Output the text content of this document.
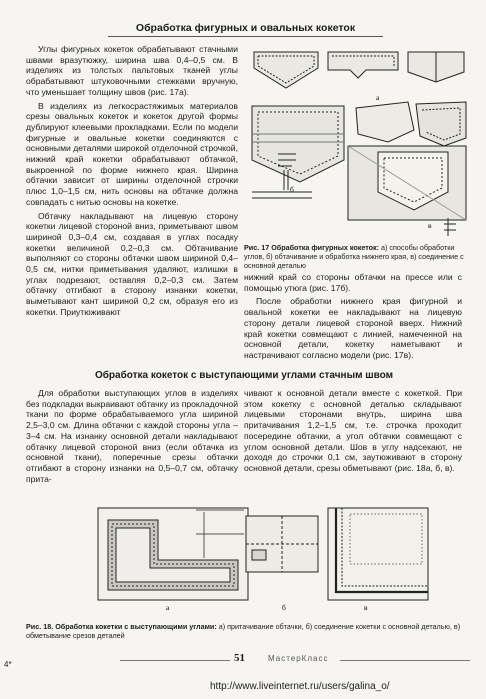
Обработка фигурных и овальных кокеток

Углы фигурных кокеток обрабатывают стачными швами вразутюжку, ширина шва 0,4–0,5 см. В изделиях из толстых пальтовых тканей углы обрабатывают штуковочными стежками вручную, что уменьшает толщину швов (рис. 17а).

В изделиях из легкосрастяжимых материалов срезы овальных кокеток и кокеток другой формы дублируют клеевыми прокладками. Если по модели фигурные и овальные кокетки соединяются с основными деталями широкой отделочной строчкой, нижний край кокетки обрабатывают обтачкой, выкроенной по форме нижнего края. Ширина обтачки зависит от ширины отделочной строчки плюс 1,0–1,5 см, нить основы на обтачке должна совпадать с нитью основы на кокетке.

Обтачку накладывают на лицевую сторону кокетки лицевой стороной вниз, приметывают швом шириной 0,3–0,4 см, создавая в углах посадку кокетки величиной 0,2–0,3 см. Обтачивание выполняют со стороны обтачки швом шириной 0,4–0,5 см, нитки приметывания удаляют, излишки в углах подрезают, оставляя 0,2–0,3 см. Затем обтачку отгибают в сторону изнанки кокетки, выметывают кант шириной 0,2 см, образуя его из кокетки. Приутюживают

а
б
в
Рис. 17 Обработка фигурных кокеток: а) способы обработки углов, б) обтачивание и обработка нижнего края, в) соединение с основной деталью

нижний край со стороны обтачки на прессе или с помощью утюга (рис. 17б).

После обработки нижнего края фигурной и овальной кокетки ее накладывают на лицевую сторону детали лицевой стороной вверх. Нижний край кокетки совмещают с линией, намеченной на основной детали, кокетку наметывают и настрачивают согласно модели (рис. 17в).

Обработка кокеток с выступающими углами стачным швом

Для обработки выступающих углов в изделиях без подкладки выкраивают обтачку из прокладочной ткани по форме обрабатываемого угла шириной 2,5–3,0 см. Длина обтачки с каждой стороны угла – 3–4 см. На изнанку основной детали накладывают обтачку лицевой стороной вниз (если обтачка из основной ткани), поперечные срезы обтачки отгибают в сторону изнанки на 0,5–0,7 см, обтачку прита-

чивают к основной детали вместе с кокеткой. При этом кокетку с основной деталью складывают лицевыми сторонами внутрь, ширина шва притачивания 1,2–1,5 см, т.е. строчка проходит посередине обтачки, а угол обтачки совмещают с углом основной детали. Шов в углу надсекают, не доходя до строчки 0,1 см, заутюживают в сторону основной детали, срезы обметывают (рис. 18а, б, в).

а	б	в
Рис. 18. Обработка кокетки с выступающими углами: а) притачивание обтачки, б) соединение кокетки с основной деталью, в) обметывание срезов деталей
4*
51	МастерКласс
http://www.liveinternet.ru/users/galina_o/
